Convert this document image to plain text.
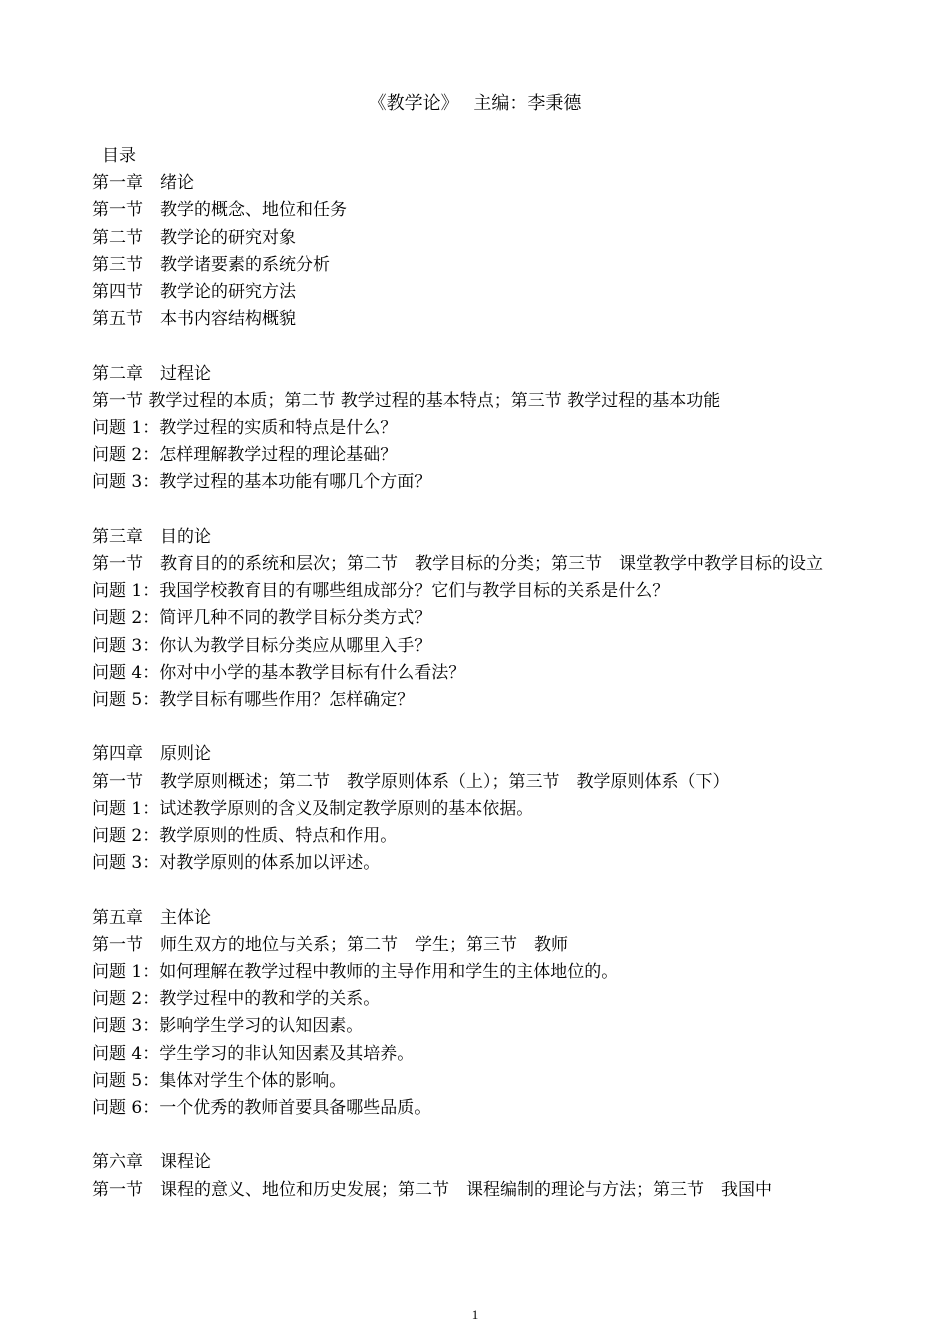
《教学论》　 主编：李秉德
目录
第一章　绪论
第一节　教学的概念、地位和任务
第二节　教学论的研究对象
第三节　教学诸要素的系统分析
第四节　教学论的研究方法
第五节　本书内容结构概貌
第二章　过程论
第一节 教学过程的本质；第二节 教学过程的基本特点；第三节 教学过程的基本功能
问题 1：教学过程的实质和特点是什么？
问题 2：怎样理解教学过程的理论基础？
问题 3：教学过程的基本功能有哪几个方面？
第三章　目的论
第一节　教育目的的系统和层次；第二节　教学目标的分类；第三节　课堂教学中教学目标的设立
问题 1：我国学校教育目的有哪些组成部分？它们与教学目标的关系是什么？
问题 2：简评几种不同的教学目标分类方式？
问题 3：你认为教学目标分类应从哪里入手？
问题 4：你对中小学的基本教学目标有什么看法？
问题 5：教学目标有哪些作用？怎样确定？
第四章　原则论
第一节　教学原则概述；第二节　教学原则体系（上）；第三节　教学原则体系（下）
问题 1：试述教学原则的含义及制定教学原则的基本依据。
问题 2：教学原则的性质、特点和作用。
问题 3：对教学原则的体系加以评述。
第五章　主体论
第一节　师生双方的地位与关系；第二节　学生；第三节　教师
问题 1：如何理解在教学过程中教师的主导作用和学生的主体地位的。
问题 2：教学过程中的教和学的关系。
问题 3：影响学生学习的认知因素。
问题 4：学生学习的非认知因素及其培养。
问题 5：集体对学生个体的影响。
问题 6：一个优秀的教师首要具备哪些品质。
第六章　课程论
第一节　课程的意义、地位和历史发展；第二节　课程编制的理论与方法；第三节　我国中
1
